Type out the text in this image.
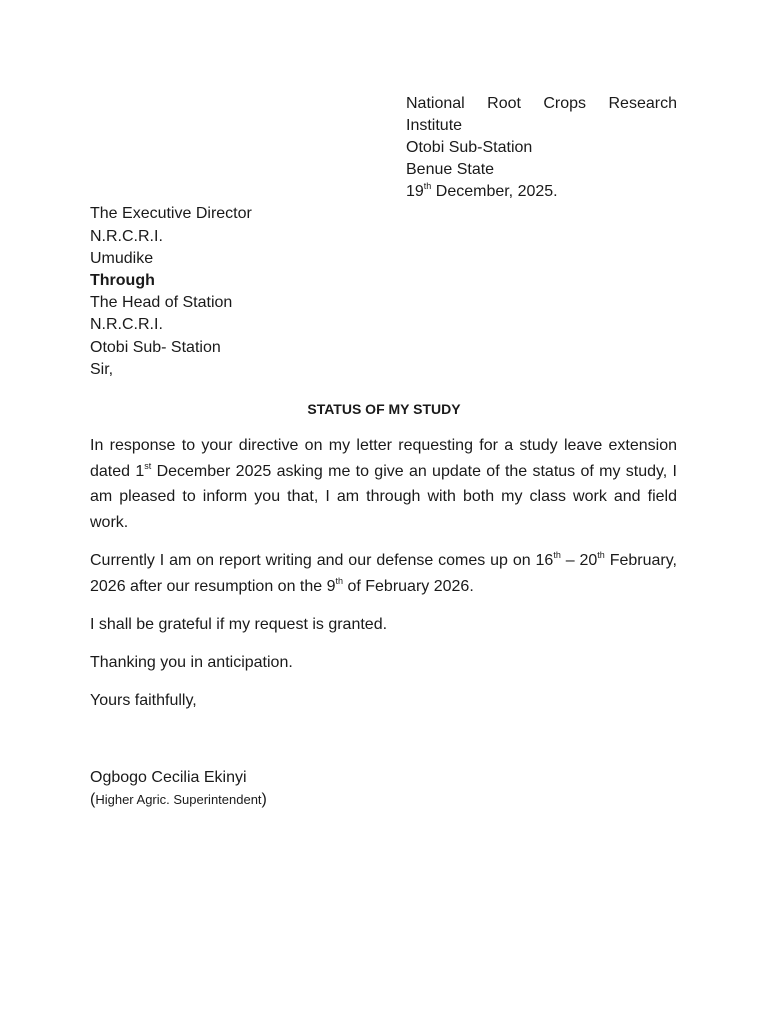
National Root Crops Research
Institute
Otobi Sub-Station
Benue State
19th December, 2025.
The Executive Director
N.R.C.R.I.
Umudike
Through
The Head of Station
N.R.C.R.I.
Otobi Sub- Station
Sir,
STATUS OF MY STUDY
In response to your directive on my letter requesting for a study leave extension dated 1st December 2025 asking me to give an update of the status of my study, I am pleased to inform you that, I am through with both my class work and field work.
Currently I am on report writing and our defense comes up on 16th – 20th February, 2026 after our resumption on the 9th of February 2026.
I shall be grateful if my request is granted.
Thanking you in anticipation.
Yours faithfully,
Ogbogo Cecilia Ekinyi
(Higher Agric. Superintendent)
